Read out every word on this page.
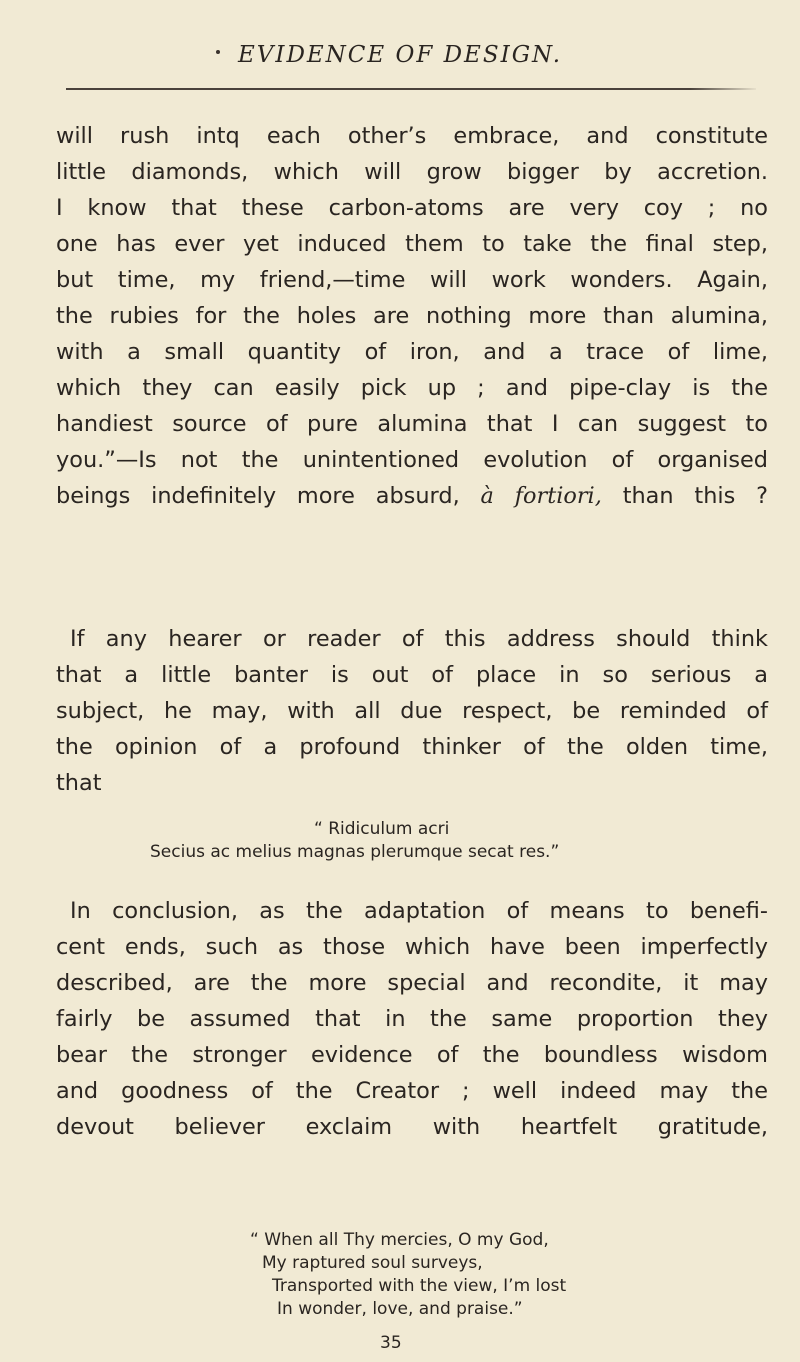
EVIDENCE OF DESIGN.
will rush intq each other’s embrace, and constitute
little diamonds, which will grow bigger by accretion.
I know that these carbon-atoms are very coy ; no
one has ever yet induced them to take the final step,
but time, my friend,—time will work wonders. Again,
the rubies for the holes are nothing more than alumina,
with a small quantity of iron, and a trace of lime,
which they can easily pick up ; and pipe-clay is the
handiest source of pure alumina that I can suggest to
you.”—Is not the unintentioned evolution of organised
beings indefinitely more absurd, à fortiori, than this ?
If any hearer or reader of this address should think
that a little banter is out of place in so serious a
subject, he may, with all due respect, be reminded of
the opinion of a profound thinker of the olden time,
that
“ Ridiculum acri
Secius ac melius magnas plerumque secat res.”
In conclusion, as the adaptation of means to benefi-
cent ends, such as those which have been imperfectly
described, are the more special and recondite, it may
fairly be assumed that in the same proportion they
bear the stronger evidence of the boundless wisdom
and goodness of the Creator ; well indeed may the
devout believer exclaim with heartfelt gratitude,
“ When all Thy mercies, O my God,
My raptured soul surveys,
Transported with the view, I’m lost
In wonder, love, and praise.”
35
